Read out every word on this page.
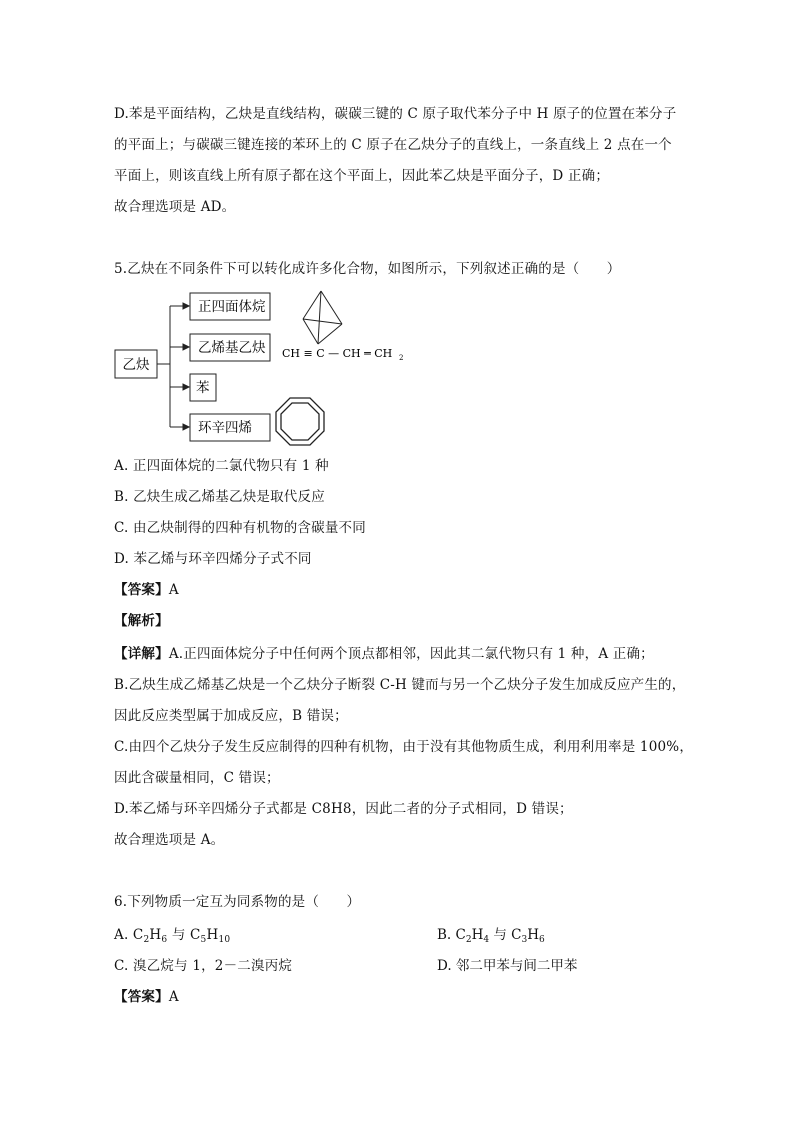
D.苯是平面结构，乙炔是直线结构，碳碳三键的 C 原子取代苯分子中 H 原子的位置在苯分子
的平面上；与碳碳三键连接的苯环上的 C 原子在乙炔分子的直线上，一条直线上 2 点在一个
平面上，则该直线上所有原子都在这个平面上，因此苯乙炔是平面分子，D 正确；
故合理选项是 AD。
5.乙炔在不同条件下可以转化成许多化合物，如图所示，下列叙述正确的是（　　）
乙炔
正四面体烷
乙烯基乙炔
苯
环辛四烯
CH ≡ C — CH ═ CH 2
A. 正四面体烷的二氯代物只有 1 种
B. 乙炔生成乙烯基乙炔是取代反应
C. 由乙炔制得的四种有机物的含碳量不同
D. 苯乙烯与环辛四烯分子式不同
【答案】A
【解析】
【详解】A.正四面体烷分子中任何两个顶点都相邻，因此其二氯代物只有 1 种，A 正确；
B.乙炔生成乙烯基乙炔是一个乙炔分子断裂 C-H 键而与另一个乙炔分子发生加成反应产生的，
因此反应类型属于加成反应，B 错误；
C.由四个乙炔分子发生反应制得的四种有机物，由于没有其他物质生成，利用利用率是 100%，
因此含碳量相同，C 错误；
D.苯乙烯与环辛四烯分子式都是 C8H8，因此二者的分子式相同，D 错误；
故合理选项是 A。
6.下列物质一定互为同系物的是（　　）
A. $C_2H_6$ 与 $C_5H_{10}$	B. $C_2H_4$ 与 $C_3H_6$
C. 溴乙烷与 1，2－二溴丙烷	D. 邻二甲苯与间二甲苯
【答案】A
